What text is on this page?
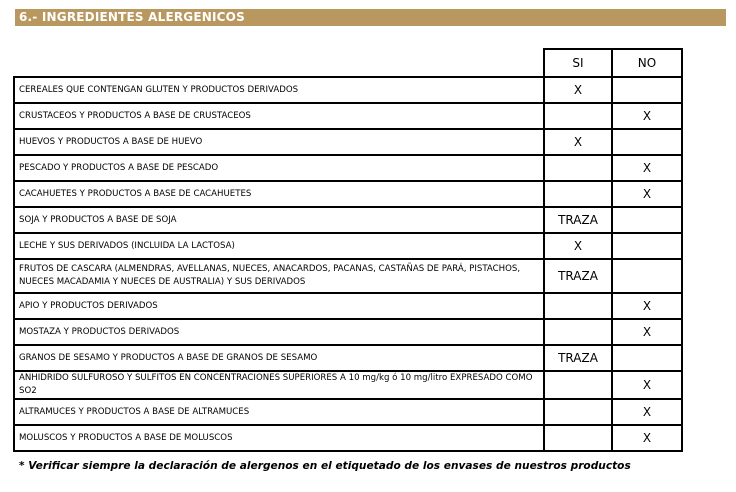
6.- INGREDIENTES ALERGENICOS
	SI	NO
CEREALES QUE CONTENGAN GLUTEN Y PRODUCTOS DERIVADOS	X	
CRUSTACEOS Y PRODUCTOS A BASE DE CRUSTACEOS		X
HUEVOS Y PRODUCTOS A BASE DE HUEVO	X	
PESCADO Y PRODUCTOS A BASE DE PESCADO		X
CACAHUETES Y PRODUCTOS A BASE DE CACAHUETES		X
SOJA Y PRODUCTOS A BASE DE SOJA	TRAZA	
LECHE Y SUS DERIVADOS (INCLUIDA LA LACTOSA)	X	
FRUTOS DE CASCARA (ALMENDRAS, AVELLANAS, NUECES, ANACARDOS, PACANAS, CASTAÑAS DE PARÁ, PISTACHOS, NUECES MACADAMIA Y NUECES DE AUSTRALIA) Y SUS DERIVADOS	TRAZA	
APIO Y PRODUCTOS DERIVADOS		X
MOSTAZA Y PRODUCTOS DERIVADOS		X
GRANOS DE SESAMO Y PRODUCTOS A BASE DE GRANOS DE SESAMO	TRAZA	
ANHIDRIDO SULFUROSO Y SULFITOS EN CONCENTRACIONES SUPERIORES A 10 mg/kg ó 10 mg/litro EXPRESADO COMO SO2		X
ALTRAMUCES Y PRODUCTOS A BASE DE ALTRAMUCES		X
MOLUSCOS Y PRODUCTOS A BASE DE MOLUSCOS		X
* Verificar siempre la declaración de alergenos en el etiquetado de los envases de nuestros productos
